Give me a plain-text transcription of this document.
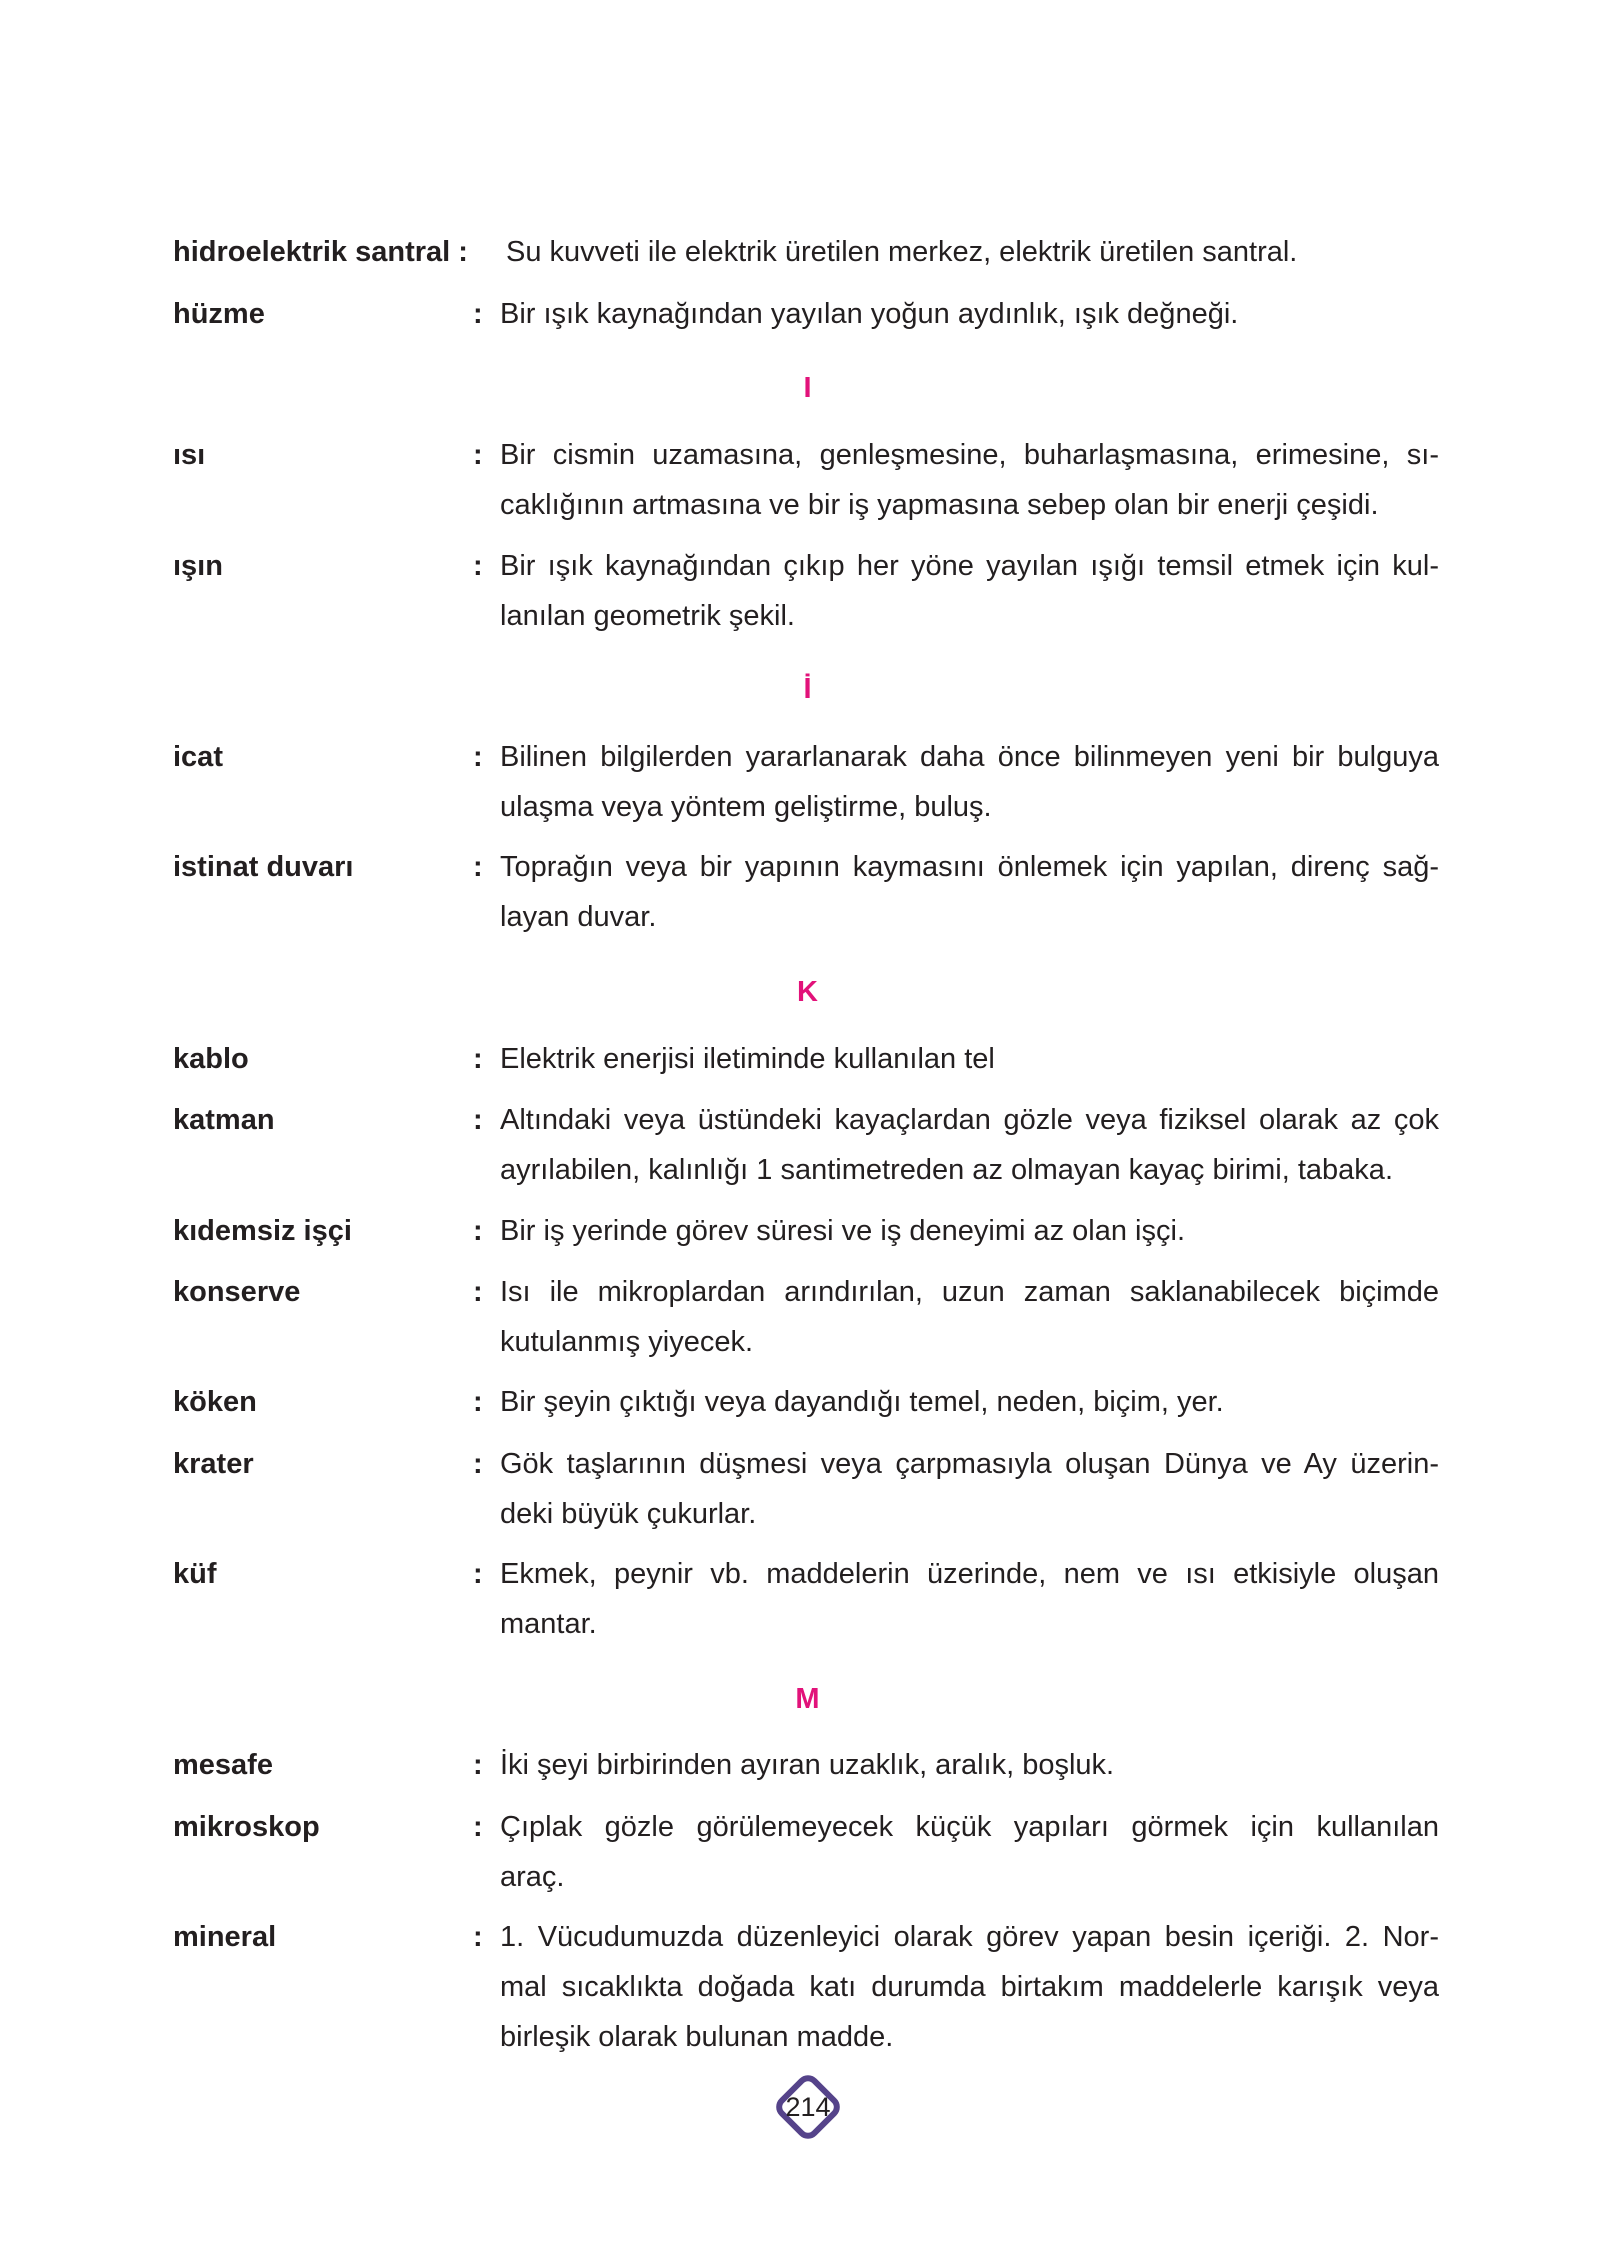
hidroelektrik santral : Su kuvveti ile elektrik üretilen merkez, elektrik üretilen santral.
hüzme	: Bir ışık kaynağından yayılan yoğun aydınlık, ışık değneği.
ısı	: Bir cismin uzamasına, genleşmesine, buharlaşmasına, erimesine, sı-
caklığının artmasına ve bir iş yapmasına sebep olan bir enerji çeşidi.
ışın	: Bir ışık kaynağından çıkıp her yöne yayılan ışığı temsil etmek için kul-
lanılan geometrik şekil.
icat	: Bilinen bilgilerden yararlanarak daha önce bilinmeyen yeni bir bulguya
ulaşma veya yöntem geliştirme, buluş.
istinat duvarı	: Toprağın veya bir yapının kaymasını önlemek için yapılan, direnç sağ-
layan duvar.
kablo	: Elektrik enerjisi iletiminde kullanılan tel
katman	: Altındaki veya üstündeki kayaçlardan gözle veya fiziksel olarak az çok
ayrılabilen, kalınlığı 1 santimetreden az olmayan kayaç birimi, tabaka.
kıdemsiz işçi	: Bir iş yerinde görev süresi ve iş deneyimi az olan işçi.
konserve	: Isı ile mikroplardan arındırılan, uzun zaman saklanabilecek biçimde
kutulanmış yiyecek.
köken	: Bir şeyin çıktığı veya dayandığı temel, neden, biçim, yer.
krater	: Gök taşlarının düşmesi veya çarpmasıyla oluşan Dünya ve Ay üzerin-
deki büyük çukurlar.
küf	: Ekmek, peynir vb. maddelerin üzerinde, nem ve ısı etkisiyle oluşan
mantar.
mesafe	: İki şeyi birbirinden ayıran uzaklık, aralık, boşluk.
mikroskop	: Çıplak gözle görülemeyecek küçük yapıları görmek için kullanılan
araç.
mineral	: 1. Vücudumuzda düzenleyici olarak görev yapan besin içeriği. 2. Nor-
mal sıcaklıkta doğada katı durumda birtakım maddelerle karışık veya
birleşik olarak bulunan madde.
I
İ
K
M
214
